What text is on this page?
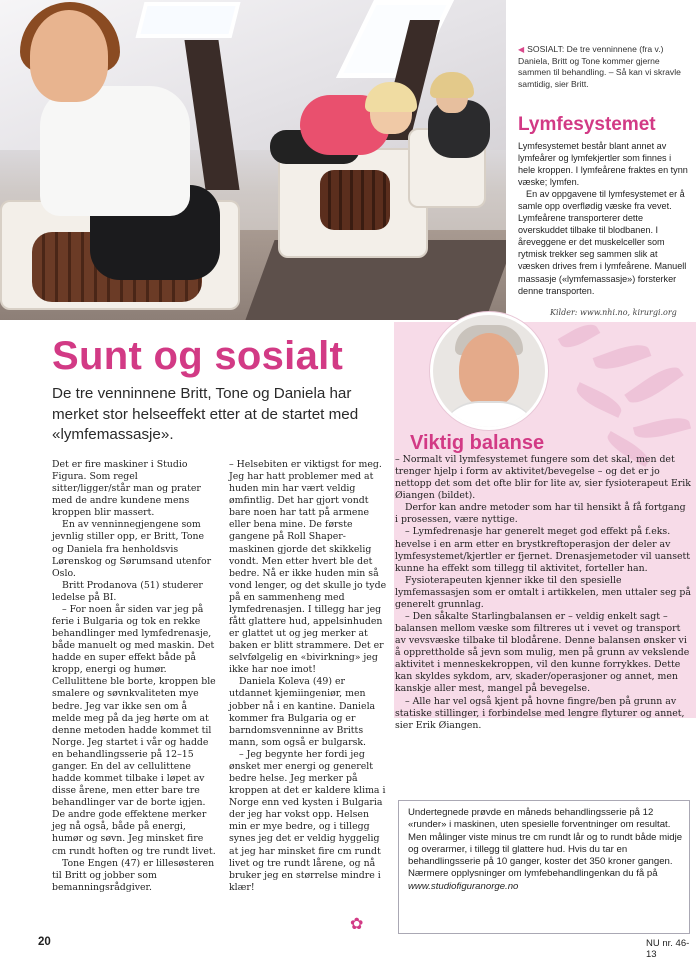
◀ SOSIALT: De tre venninnene (fra v.) Daniela, Britt og Tone kommer gjerne sammen til behandling. – Så kan vi skravle samtidig, sier Britt.
Lymfesystemet

Lymfesystemet består blant annet av lymfeårer og lymfekjertler som finnes i hele kroppen. I lymfeårene fraktes en tynn væske; lymfen.

En av oppgavene til lymfesystemet er å samle opp overflødig væske fra vevet. Lymfeårene transporterer dette overskuddet tilbake til blodbanen. I åreveggene er det muskelceller som rytmisk trekker seg sammen slik at væsken drives frem i lymfeårene. Manuell massasje («lymfemassasje») forsterker denne transporten.

Kilder: www.nhi.no, kirurgi.org
Sunt og sosialt
De tre venninnene Britt, Tone og Daniela har merket stor helseeffekt etter at de startet med «lymfemassasje».

Det er fire maskiner i Studio Figura. Som regel sitter/ligger/står man og prater med de andre kundene mens kroppen blir massert.

En av venninnegjengene som jevnlig stiller opp, er Britt, Tone og Daniela fra henholdsvis Lørenskog og Sørumsand utenfor Oslo.

Britt Prodanova (51) studerer ledelse på BI.

– For noen år siden var jeg på ferie i Bulgaria og tok en rekke behandlinger med lymfedrenasje, både manuelt og med maskin. Det hadde en super effekt både på kropp, energi og humør. Cellulittene ble borte, kroppen ble smalere og søvnkvaliteten mye bedre. Jeg var ikke sen om å melde meg på da jeg hørte om at denne metoden hadde kommet til Norge. Jeg startet i vår og hadde en behandlingsserie på 12–15 ganger. En del av cellulittene hadde kommet tilbake i løpet av disse årene, men etter bare tre behandlinger var de borte igjen. De andre gode effektene merker jeg nå også, både på energi, humør og søvn. Jeg minsket fire cm rundt hoften og tre rundt livet.

Tone Engen (47) er lillesøsteren til Britt og jobber som bemanningsrådgiver.

– Helsebiten er viktigst for meg. Jeg har hatt problemer med at huden min har vært veldig ømfintlig. Det har gjort vondt bare noen har tatt på armene eller bena mine. De første gangene på Roll Shaper-maskinen gjorde det skikkelig vondt. Men etter hvert ble det bedre. Nå er ikke huden min så vond lenger, og det skulle jo tyde på en sammenheng med lymfedrenasjen. I tillegg har jeg fått glattere hud, appelsinhuden er glattet ut og jeg merker at baken er blitt strammere. Det er selvfølgelig en «bivirkning» jeg ikke har noe imot!

Daniela Koleva (49) er utdannet kjemiingeniør, men jobber nå i en kantine. Daniela kommer fra Bulgaria og er barndomsvenninne av Britts mann, som også er bulgarsk.

– Jeg begynte her fordi jeg ønsket mer energi og generelt bedre helse. Jeg merker på kroppen at det er kaldere klima i Norge enn ved kysten i Bulgaria der jeg har vokst opp. Helsen min er mye bedre, og i tillegg synes jeg det er veldig hyggelig at jeg har minsket fire cm rundt livet og tre rundt lårene, og nå bruker jeg en størrelse mindre i klær!

Viktig balanse

– Normalt vil lymfesystemet fungere som det skal, men det trenger hjelp i form av aktivitet/bevegelse – og det er jo nettopp det som det ofte blir for lite av, sier fysioterapeut Erik Øiangen (bildet).

Derfor kan andre metoder som har til hensikt å få fortgang i prosessen, være nyttige.

– Lymfedrenasje har generelt meget god effekt på f.eks. hevelse i en arm etter en brystkreftoperasjon der deler av lymfesystemet/kjertler er fjernet. Drenasjemetoder vil uansett kunne ha effekt som tillegg til aktivitet, forteller han.

Fysioterapeuten kjenner ikke til den spesielle lymfemassasjen som er omtalt i artikkelen, men uttaler seg på generelt grunnlag.

– Den såkalte Starlingbalansen er – veldig enkelt sagt – balansen mellom væske som filtreres ut i vevet og transport av vevsvæske tilbake til blodårene. Denne balansen ønsker vi å opprettholde så jevn som mulig, men på grunn av vekslende aktivitet i menneskekroppen, vil den kunne forrykkes. Dette kan skyldes sykdom, arv, skader/operasjoner og annet, men kanskje aller mest, mangel på bevegelse.

– Alle har vel også kjent på hovne fingre/ben på grunn av statiske stillinger, i forbindelse med lengre flyturer og annet, sier Erik Øiangen.

Undertegnede prøvde en måneds behandlingsserie på 12 «runder» i maskinen, uten spesielle forventninger om resultat. Men målinger viste minus tre cm rundt lår og to rundt både midje og overarmer, i tillegg til glattere hud. Hvis du tar en behandlingsserie på 10 ganger, koster det 350 kroner gangen. Nærmere opplysninger om lymfebehandlingenkan du få på www.studiofiguranorge.no
✿
20	NU nr. 46-13
